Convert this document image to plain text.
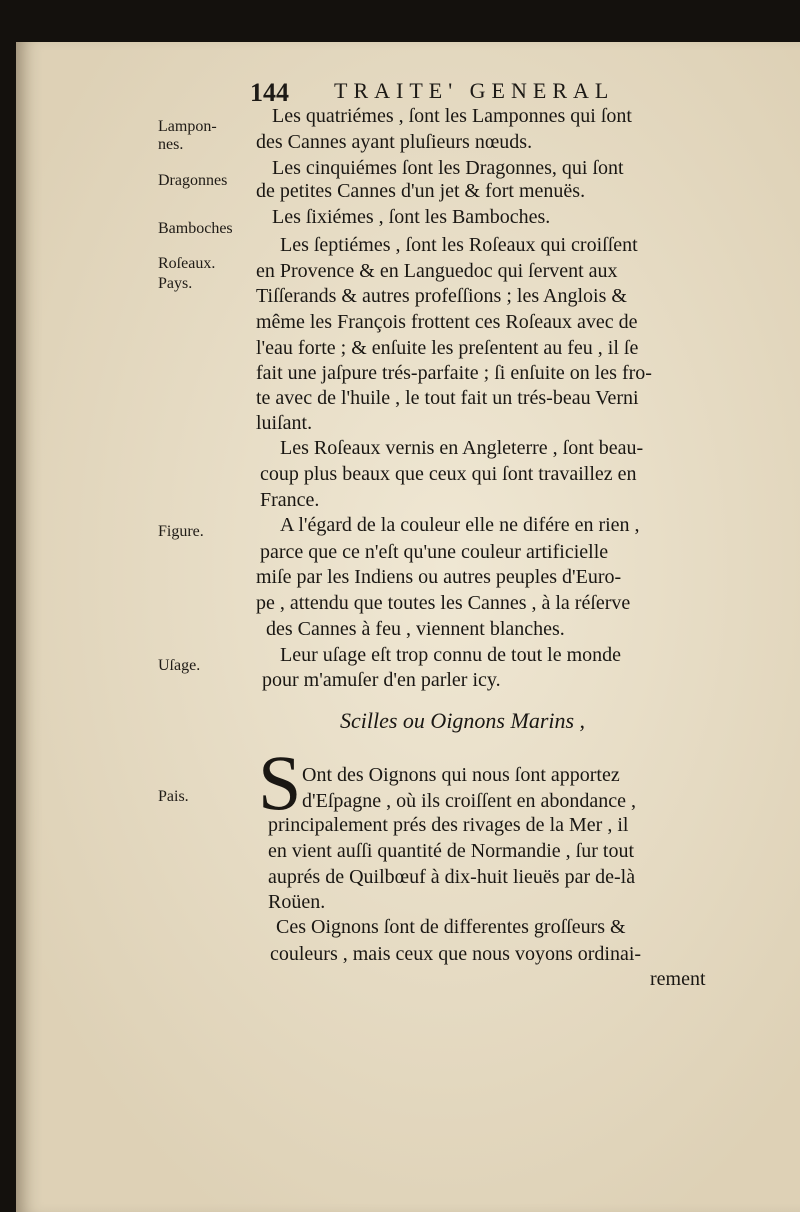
144 TRAITE' GENERAL
Lampon-
nes.
Dragonnes
Bamboches
Roſeaux.
Pays.
Figure.
Uſage.
Pais.
Les quatriémes , ſont les Lamponnes qui ſont
des Cannes ayant pluſieurs nœuds.
Les cinquiémes ſont les Dragonnes, qui ſont
de petites Cannes d'un jet & fort menuës.
Les ſixiémes , ſont les Bamboches.
Les ſeptiémes , ſont les Roſeaux qui croiſſent
en Provence & en Languedoc qui ſervent aux
Tiſſerands & autres profeſſions ; les Anglois &
même les François frottent ces Roſeaux avec de
l'eau forte ; & enſuite les preſentent au feu , il ſe
fait une jaſpure trés-parfaite ; ſi enſuite on les fro-
te avec de l'huile , le tout fait un trés-beau Verni
luiſant.
Les Roſeaux vernis en Angleterre , ſont beau-
coup plus beaux que ceux qui ſont travaillez en
France.
A l'égard de la couleur elle ne difére en rien ,
parce que ce n'eſt qu'une couleur artificielle
miſe par les Indiens ou autres peuples d'Euro-
pe , attendu que toutes les Cannes , à la réſerve
des Cannes à feu , viennent blanches.
Leur uſage eſt trop connu de tout le monde
pour m'amuſer d'en parler icy.
Scilles ou Oignons Marins ,
S Ont des Oignons qui nous ſont apportez
d'Eſpagne , où ils croiſſent en abondance ,
principalement prés des rivages de la Mer , il
en vient auſſi quantité de Normandie , ſur tout
auprés de Quilbœuf à dix-huit lieuës par de-là
Roüen.
Ces Oignons ſont de differentes groſſeurs &
couleurs , mais ceux que nous voyons ordinai-
rement
